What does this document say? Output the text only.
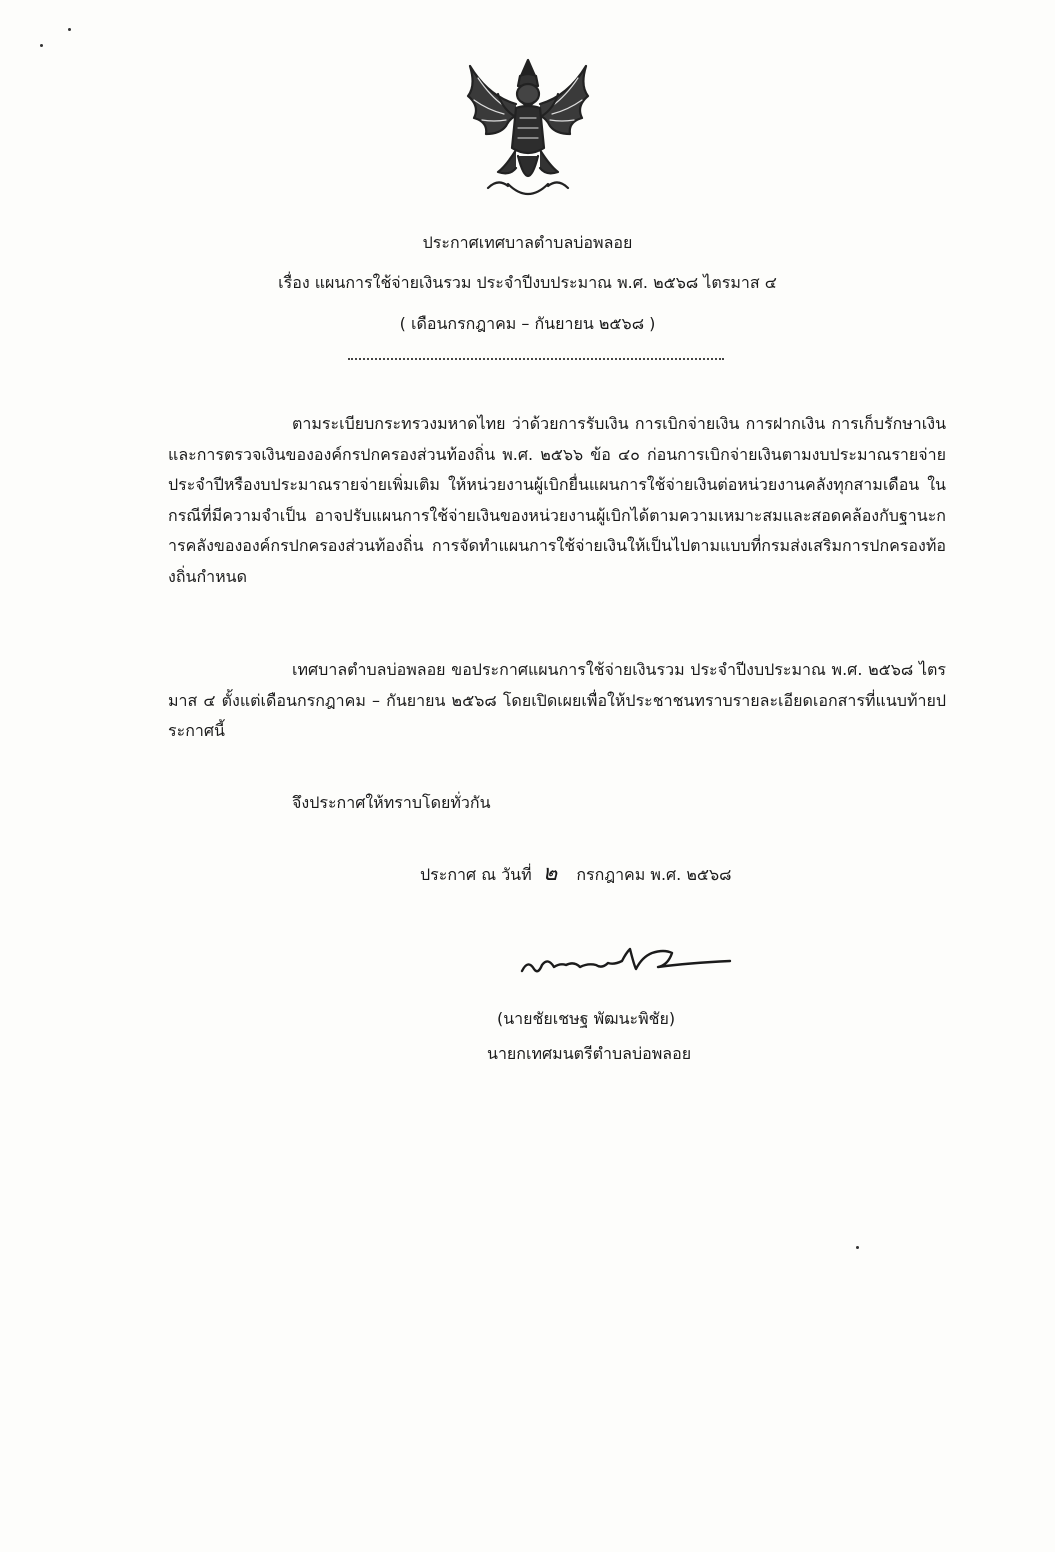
ประกาศเทศบาลตำบลบ่อพลอย
เรื่อง แผนการใช้จ่ายเงินรวม ประจำปีงบประมาณ พ.ศ. ๒๕๖๘ ไตรมาส ๔
( เดือนกรกฎาคม – กันยายน ๒๕๖๘ )
ตามระเบียบกระทรวงมหาดไทย ว่าด้วยการรับเงิน การเบิกจ่ายเงิน การฝากเงิน การเก็บรักษาเงิน และการตรวจเงินขององค์กรปกครองส่วนท้องถิ่น พ.ศ. ๒๕๖๖ ข้อ ๔๐ ก่อนการเบิกจ่ายเงินตามงบประมาณรายจ่ายประจำปีหรืองบประมาณรายจ่ายเพิ่มเติม ให้หน่วยงานผู้เบิกยื่นแผนการใช้จ่ายเงินต่อหน่วยงานคลังทุกสามเดือน ในกรณีที่มีความจำเป็น อาจปรับแผนการใช้จ่ายเงินของหน่วยงานผู้เบิกได้ตามความเหมาะสมและสอดคล้องกับฐานะการคลังขององค์กรปกครองส่วนท้องถิ่น การจัดทำแผนการใช้จ่ายเงินให้เป็นไปตามแบบที่กรมส่งเสริมการปกครองท้องถิ่นกำหนด
เทศบาลตำบลบ่อพลอย ขอประกาศแผนการใช้จ่ายเงินรวม ประจำปีงบประมาณ พ.ศ. ๒๕๖๘ ไตรมาส ๔ ตั้งแต่เดือนกรกฎาคม – กันยายน ๒๕๖๘ โดยเปิดเผยเพื่อให้ประชาชนทราบรายละเอียดเอกสารที่แนบท้ายประกาศนี้
จึงประกาศให้ทราบโดยทั่วกัน
ประกาศ ณ วันที่ ๒ กรกฎาคม พ.ศ. ๒๕๖๘
(นายชัยเชษฐ พัฒนะพิชัย)
นายกเทศมนตรีตำบลบ่อพลอย
